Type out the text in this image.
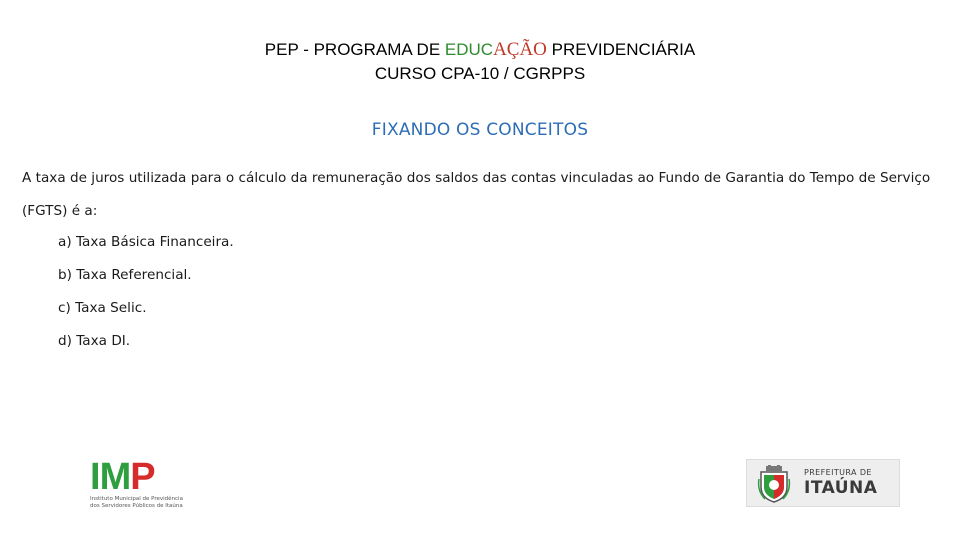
PEP - PROGRAMA DE EDUCAÇÃO PREVIDENCIÁRIA
CURSO CPA-10 / CGRPPS
FIXANDO OS CONCEITOS
A taxa de juros utilizada para o cálculo da remuneração dos saldos das contas vinculadas ao Fundo de Garantia do Tempo de Serviço (FGTS) é a:
a) Taxa Básica Financeira.
b) Taxa Referencial.
c) Taxa Selic.
d) Taxa DI.
IMP
Instituto Municipal de Previdência
dos Servidores Públicos de Itaúna
PREFEITURA DE
ITAÚNA
